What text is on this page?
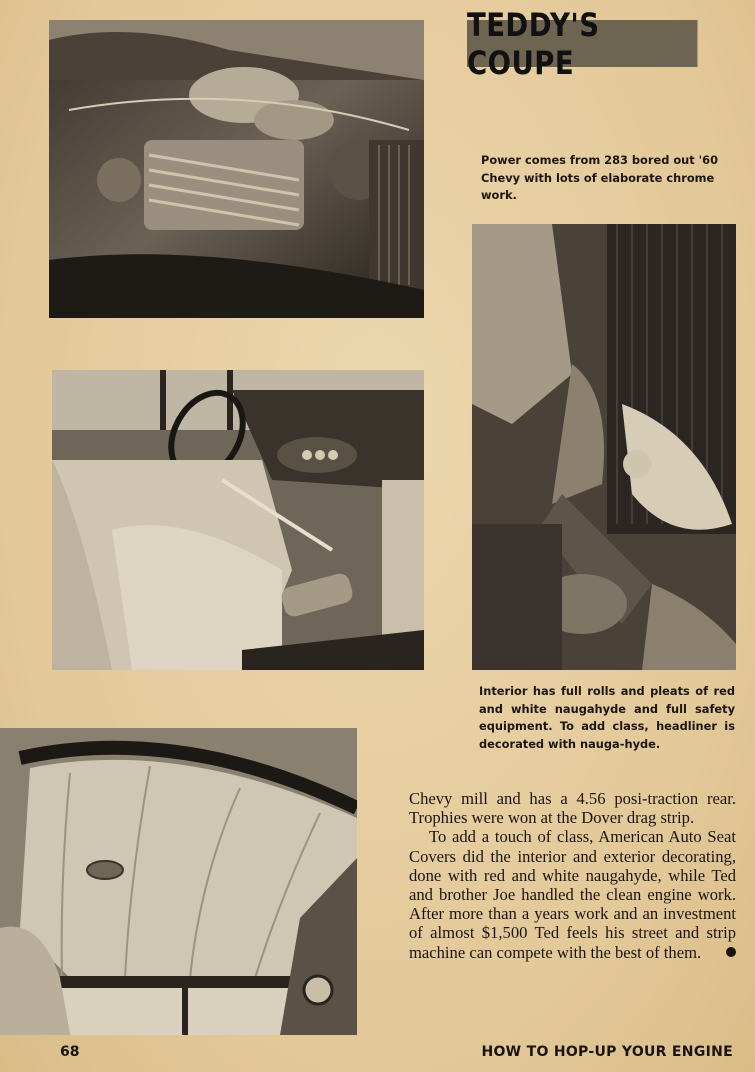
TEDDY'S COUPE
Power comes from 283 bored out '60 Chevy with lots of elaborate chrome work.
Interior has full rolls and pleats of red and white naugahyde and full safety equipment. To add class, headliner is decorated with nauga-hyde.

Chevy mill and has a 4.56 posi-traction rear. Trophies were won at the Dover drag strip.

To add a touch of class, American Auto Seat Covers did the interior and exterior decorating, done with red and white naugahyde, while Ted and brother Joe handled the clean engine work. After more than a years work and an investment of almost $1,500 Ted feels his street and strip machine can compete with the best of them.

68	HOW TO HOP-UP YOUR ENGINE
